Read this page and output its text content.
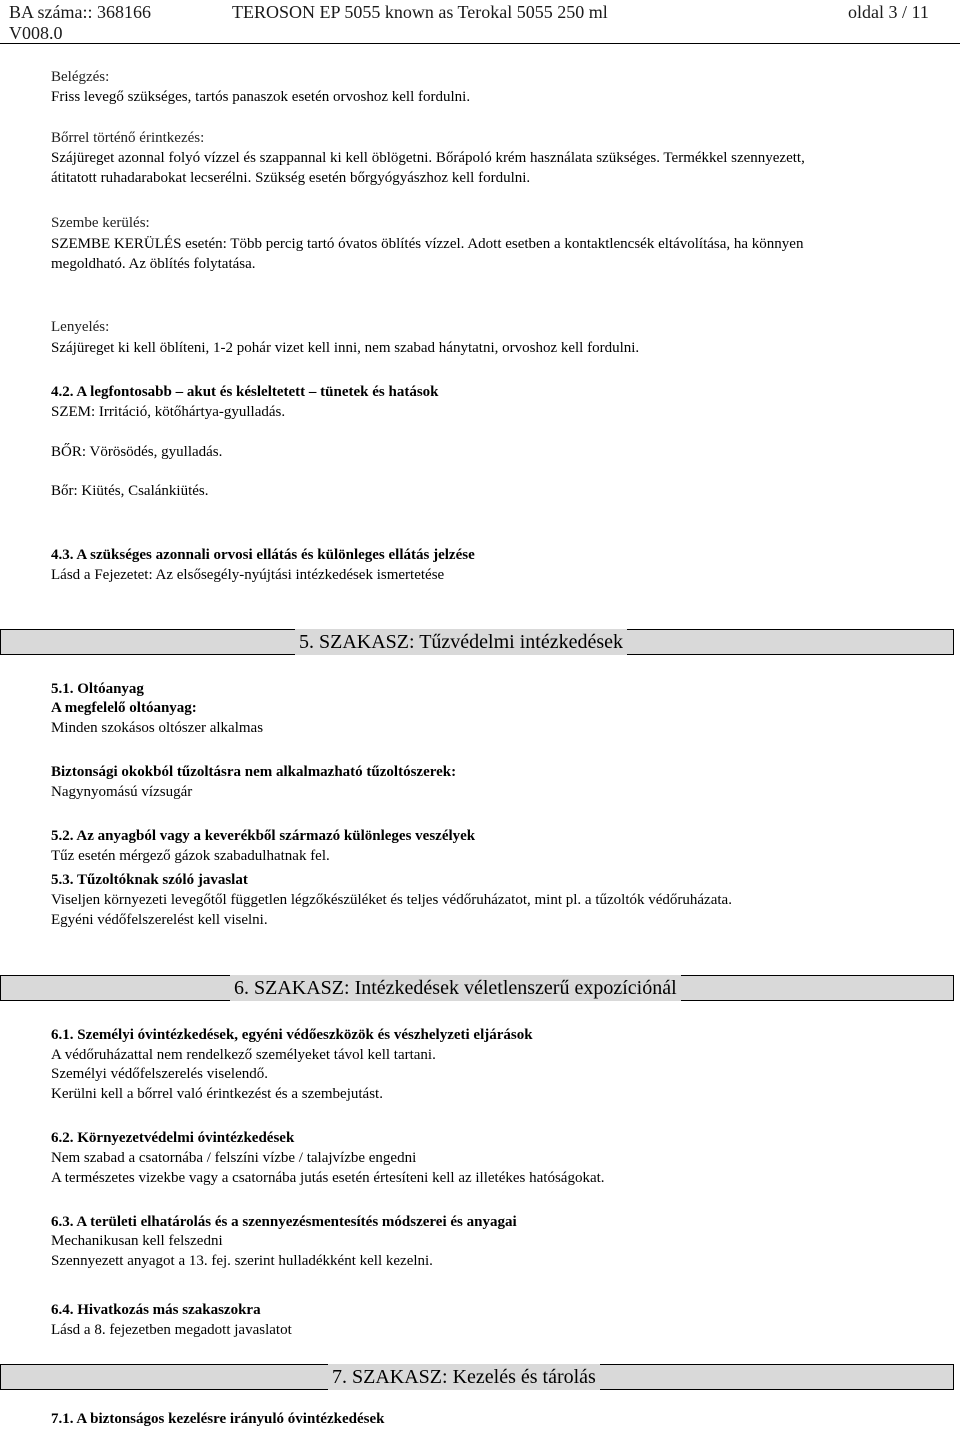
BA száma:: 368166
V008.0
TEROSON EP 5055 known as Terokal 5055 250 ml	oldal 3 / 11
Belégzés:
Friss levegő szükséges, tartós panaszok esetén orvoshoz kell fordulni.
Bőrrel történő érintkezés:
Szájüreget azonnal folyó vízzel és szappannal ki kell öblögetni. Bőrápoló krém használata szükséges. Termékkel szennyezett,
átitatott ruhadarabokat lecserélni. Szükség esetén bőrgyógyászhoz kell fordulni.
Szembe kerülés:
SZEMBE KERÜLÉS esetén: Több percig tartó óvatos öblítés vízzel. Adott esetben a kontaktlencsék eltávolítása, ha könnyen
megoldható. Az öblítés folytatása.
Lenyelés:
Szájüreget ki kell öblíteni, 1-2 pohár vizet kell inni, nem szabad hánytatni, orvoshoz kell fordulni.
4.2. A legfontosabb – akut és késleltetett – tünetek és hatások
SZEM: Irritáció, kötőhártya-gyulladás.
BŐR: Vörösödés, gyulladás.
Bőr: Kiütés, Csalánkiütés.
4.3. A szükséges azonnali orvosi ellátás és különleges ellátás jelzése
Lásd a Fejezetet: Az elsősegély-nyújtási intézkedések ismertetése
5. SZAKASZ: Tűzvédelmi intézkedések
5.1. Oltóanyag
A megfelelő oltóanyag:
Minden szokásos oltószer alkalmas
Biztonsági okokból tűzoltásra nem alkalmazható tűzoltószerek:
Nagynyomású vízsugár
5.2. Az anyagból vagy a keverékből származó különleges veszélyek
Tűz esetén mérgező gázok szabadulhatnak fel.
5.3. Tűzoltóknak szóló javaslat
Viseljen környezeti levegőtől független légzőkészüléket és teljes védőruházatot, mint pl. a tűzoltók védőruházata.
Egyéni védőfelszerelést kell viselni.
6. SZAKASZ: Intézkedések véletlenszerű expozíciónál
6.1. Személyi óvintézkedések, egyéni védőeszközök és vészhelyzeti eljárások
A védőruházattal nem rendelkező személyeket távol kell tartani.
Személyi védőfelszerelés viselendő.
Kerülni kell a bőrrel való érintkezést és a szembejutást.
6.2. Környezetvédelmi óvintézkedések
Nem szabad a csatornába / felszíni vízbe / talajvízbe engedni
A természetes vizekbe vagy a csatornába jutás esetén értesíteni kell az illetékes hatóságokat.
6.3. A területi elhatárolás és a szennyezésmentesítés módszerei és anyagai
Mechanikusan kell felszedni
Szennyezett anyagot a 13. fej. szerint hulladékként kell kezelni.
6.4. Hivatkozás más szakaszokra
Lásd a 8. fejezetben megadott javaslatot
7. SZAKASZ: Kezelés és tárolás
7.1. A biztonságos kezelésre irányuló óvintézkedések
